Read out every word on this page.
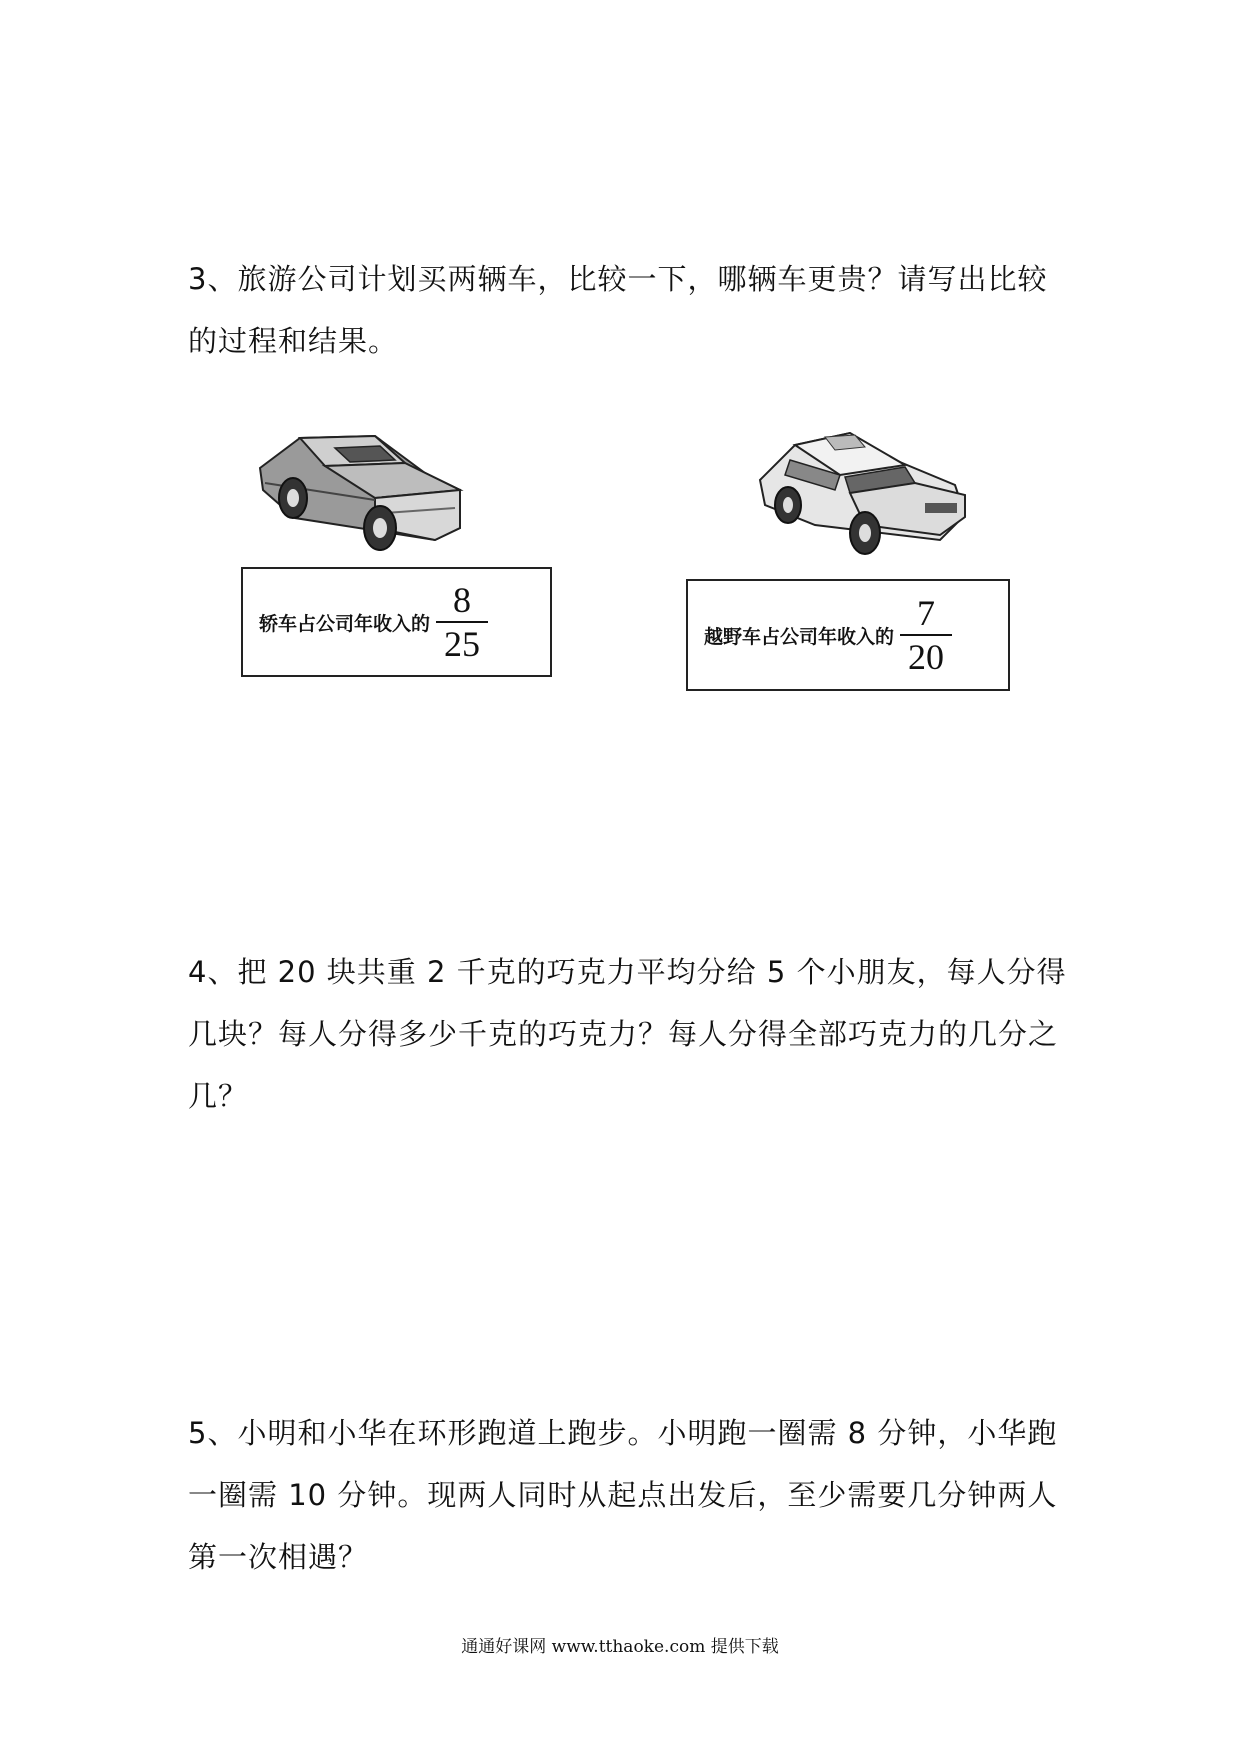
3、旅游公司计划买两辆车，比较一下，哪辆车更贵？请写出比较的过程和结果。

轿车占公司年收入的 $\frac{8}{25}$	越野车占公司年收入的 $\frac{7}{20}$

4、把 20 块共重 2 千克的巧克力平均分给 5 个小朋友，每人分得几块？每人分得多少千克的巧克力？每人分得全部巧克力的几分之几？

5、小明和小华在环形跑道上跑步。小明跑一圈需 8 分钟，小华跑一圈需 10 分钟。现两人同时从起点出发后，至少需要几分钟两人第一次相遇？

通通好课网 www.tthaoke.com 提供下载
